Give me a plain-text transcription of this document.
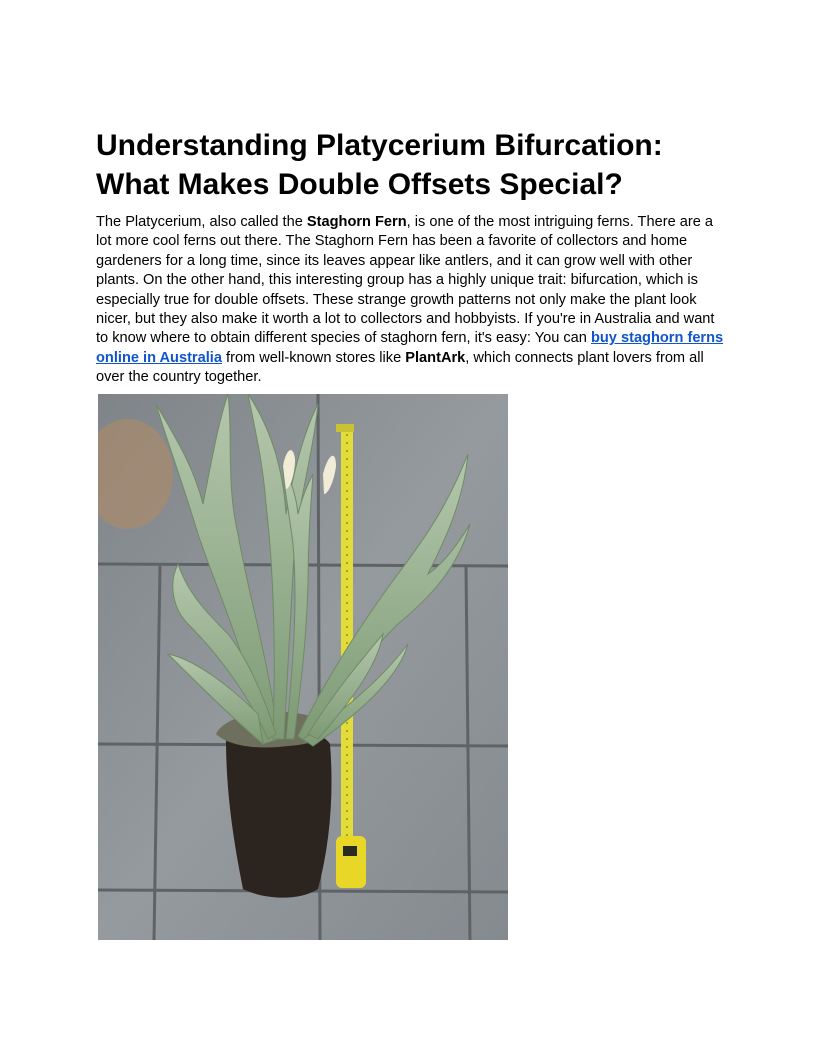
Understanding Platycerium Bifurcation:
What Makes Double Offsets Special?

The Platycerium, also called the Staghorn Fern, is one of the most intriguing ferns. There are a lot more cool ferns out there. The Staghorn Fern has been a favorite of collectors and home gardeners for a long time, since its leaves appear like antlers, and it can grow well with other plants. On the other hand, this interesting group has a highly unique trait: bifurcation, which is especially true for double offsets. These strange growth patterns not only make the plant look nicer, but they also make it worth a lot to collectors and hobbyists. If you're in Australia and want to know where to obtain different species of staghorn fern, it's easy: You can buy staghorn ferns online in Australia from well-known stores like PlantArk, which connects plant lovers from all over the country together.
